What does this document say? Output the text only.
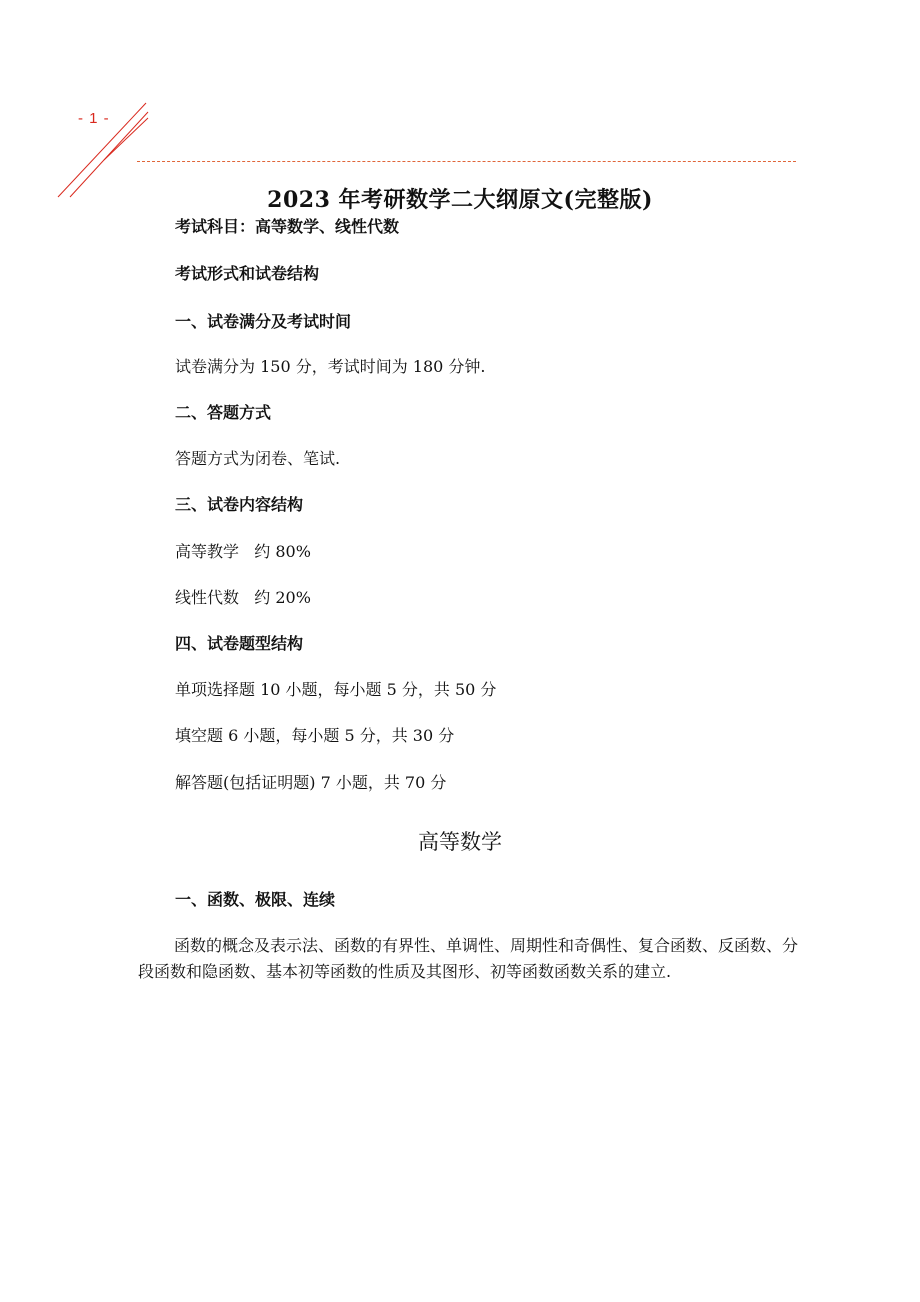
- 1 -
2023 年考研数学二大纲原文(完整版)
考试科目：高等数学、线性代数
考试形式和试卷结构
一、试卷满分及考试时间
试卷满分为 150 分，考试时间为 180 分钟.
二、答题方式
答题方式为闭卷、笔试.
三、试卷内容结构
高等教学   约 80%
线性代数   约 20%
四、试卷题型结构
单项选择题 10 小题，每小题 5 分，共 50 分
填空题 6 小题，每小题 5 分，共 30 分
解答题(包括证明题) 7 小题，共 70 分
高等数学
一、函数、极限、连续
函数的概念及表示法、函数的有界性、单调性、周期性和奇偶性、复合函数、反函数、分段函数和隐函数、基本初等函数的性质及其图形、初等函数函数关系的建立.
